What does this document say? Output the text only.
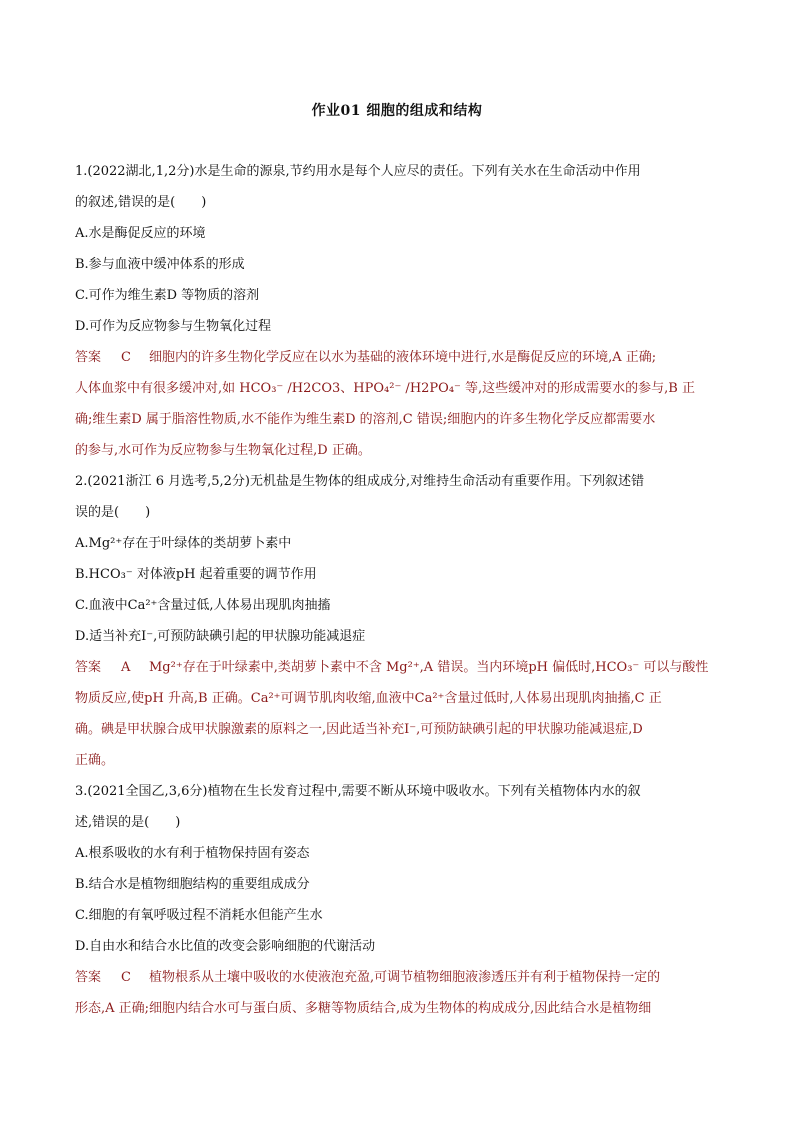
作业01 细胞的组成和结构
1.(2022湖北,1,2分)水是生命的源泉,节约用水是每个人应尽的责任。下列有关水在生命活动中作用
的叙述,错误的是(　　)
A.水是酶促反应的环境
B.参与血液中缓冲体系的形成
C.可作为维生素D 等物质的溶剂
D.可作为反应物参与生物氧化过程
答案 C 细胞内的许多生物化学反应在以水为基础的液体环境中进行,水是酶促反应的环境,A 正确;
人体血浆中有很多缓冲对,如 HCO₃⁻ /H2CO3、HPO₄²⁻ /H2PO₄⁻ 等,这些缓冲对的形成需要水的参与,B 正
确;维生素D 属于脂溶性物质,水不能作为维生素D 的溶剂,C 错误;细胞内的许多生物化学反应都需要水
的参与,水可作为反应物参与生物氧化过程,D 正确。
2.(2021浙江 6 月选考,5,2分)无机盐是生物体的组成成分,对维持生命活动有重要作用。下列叙述错
误的是(　　)
A.Mg²⁺存在于叶绿体的类胡萝卜素中
B.HCO₃⁻ 对体液pH 起着重要的调节作用
C.血液中Ca²⁺含量过低,人体易出现肌肉抽搐
D.适当补充I⁻,可预防缺碘引起的甲状腺功能减退症
答案 A Mg²⁺存在于叶绿素中,类胡萝卜素中不含 Mg²⁺,A 错误。当内环境pH 偏低时,HCO₃⁻ 可以与酸性
物质反应,使pH 升高,B 正确。Ca²⁺可调节肌肉收缩,血液中Ca²⁺含量过低时,人体易出现肌肉抽搐,C 正
确。碘是甲状腺合成甲状腺激素的原料之一,因此适当补充I⁻,可预防缺碘引起的甲状腺功能减退症,D
正确。
3.(2021全国乙,3,6分)植物在生长发育过程中,需要不断从环境中吸收水。下列有关植物体内水的叙
述,错误的是(　　)
A.根系吸收的水有利于植物保持固有姿态
B.结合水是植物细胞结构的重要组成成分
C.细胞的有氧呼吸过程不消耗水但能产生水
D.自由水和结合水比值的改变会影响细胞的代谢活动
答案 C 植物根系从土壤中吸收的水使液泡充盈,可调节植物细胞液渗透压并有利于植物保持一定的
形态,A 正确;细胞内结合水可与蛋白质、多糖等物质结合,成为生物体的构成成分,因此结合水是植物细
